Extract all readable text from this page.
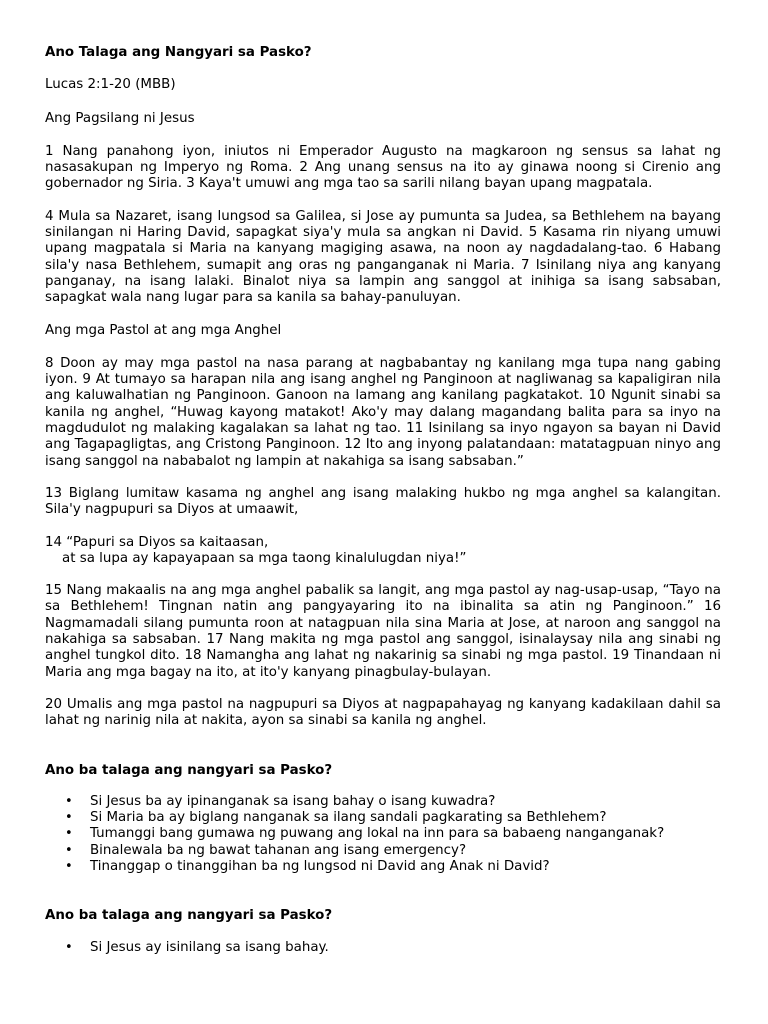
Ano Talaga ang Nangyari sa Pasko?

Lucas 2:1-20 (MBB)

Ang Pagsilang ni Jesus

1 Nang panahong iyon, iniutos ni Emperador Augusto na magkaroon ng sensus sa lahat ng nasasakupan ng Imperyo ng Roma. 2 Ang unang sensus na ito ay ginawa noong si Cirenio ang gobernador ng Siria. 3 Kaya't umuwi ang mga tao sa sarili nilang bayan upang magpatala.

4 Mula sa Nazaret, isang lungsod sa Galilea, si Jose ay pumunta sa Judea, sa Bethlehem na bayang sinilangan ni Haring David, sapagkat siya'y mula sa angkan ni David. 5 Kasama rin niyang umuwi upang magpatala si Maria na kanyang magiging asawa, na noon ay nagdadalang-tao. 6 Habang sila'y nasa Bethlehem, sumapit ang oras ng panganganak ni Maria. 7 Isinilang niya ang kanyang panganay, na isang lalaki. Binalot niya sa lampin ang sanggol at inihiga sa isang sabsaban, sapagkat wala nang lugar para sa kanila sa bahay-panuluyan.

Ang mga Pastol at ang mga Anghel

8 Doon ay may mga pastol na nasa parang at nagbabantay ng kanilang mga tupa nang gabing iyon. 9 At tumayo sa harapan nila ang isang anghel ng Panginoon at nagliwanag sa kapaligiran nila ang kaluwalhatian ng Panginoon. Ganoon na lamang ang kanilang pagkatakot. 10 Ngunit sinabi sa kanila ng anghel, “Huwag kayong matakot! Ako'y may dalang magandang balita para sa inyo na magdudulot ng malaking kagalakan sa lahat ng tao. 11 Isinilang sa inyo ngayon sa bayan ni David ang Tagapagligtas, ang Cristong Panginoon. 12 Ito ang inyong palatandaan: matatagpuan ninyo ang isang sanggol na nababalot ng lampin at nakahiga sa isang sabsaban.”

13 Biglang lumitaw kasama ng anghel ang isang malaking hukbo ng mga anghel sa kalangitan. Sila'y nagpupuri sa Diyos at umaawit,

14 “Papuri sa Diyos sa kaitaasan,
at sa lupa ay kapayapaan sa mga taong kinalulugdan niya!”

15 Nang makaalis na ang mga anghel pabalik sa langit, ang mga pastol ay nag-usap-usap, “Tayo na sa Bethlehem! Tingnan natin ang pangyayaring ito na ibinalita sa atin ng Panginoon.” 16 Nagmamadali silang pumunta roon at natagpuan nila sina Maria at Jose, at naroon ang sanggol na nakahiga sa sabsaban. 17 Nang makita ng mga pastol ang sanggol, isinalaysay nila ang sinabi ng anghel tungkol dito. 18 Namangha ang lahat ng nakarinig sa sinabi ng mga pastol. 19 Tinandaan ni Maria ang mga bagay na ito, at ito'y kanyang pinagbulay-bulayan.

20 Umalis ang mga pastol na nagpupuri sa Diyos at nagpapahayag ng kanyang kadakilaan dahil sa lahat ng narinig nila at nakita, ayon sa sinabi sa kanila ng anghel.

Ano ba talaga ang nangyari sa Pasko?

• Si Jesus ba ay ipinanganak sa isang bahay o isang kuwadra?
• Si Maria ba ay biglang nanganak sa ilang sandali pagkarating sa Bethlehem?
• Tumanggi bang gumawa ng puwang ang lokal na inn para sa babaeng nanganganak?
• Binalewala ba ng bawat tahanan ang isang emergency?
• Tinanggap o tinanggihan ba ng lungsod ni David ang Anak ni David?

Ano ba talaga ang nangyari sa Pasko?

• Si Jesus ay isinilang sa isang bahay.
